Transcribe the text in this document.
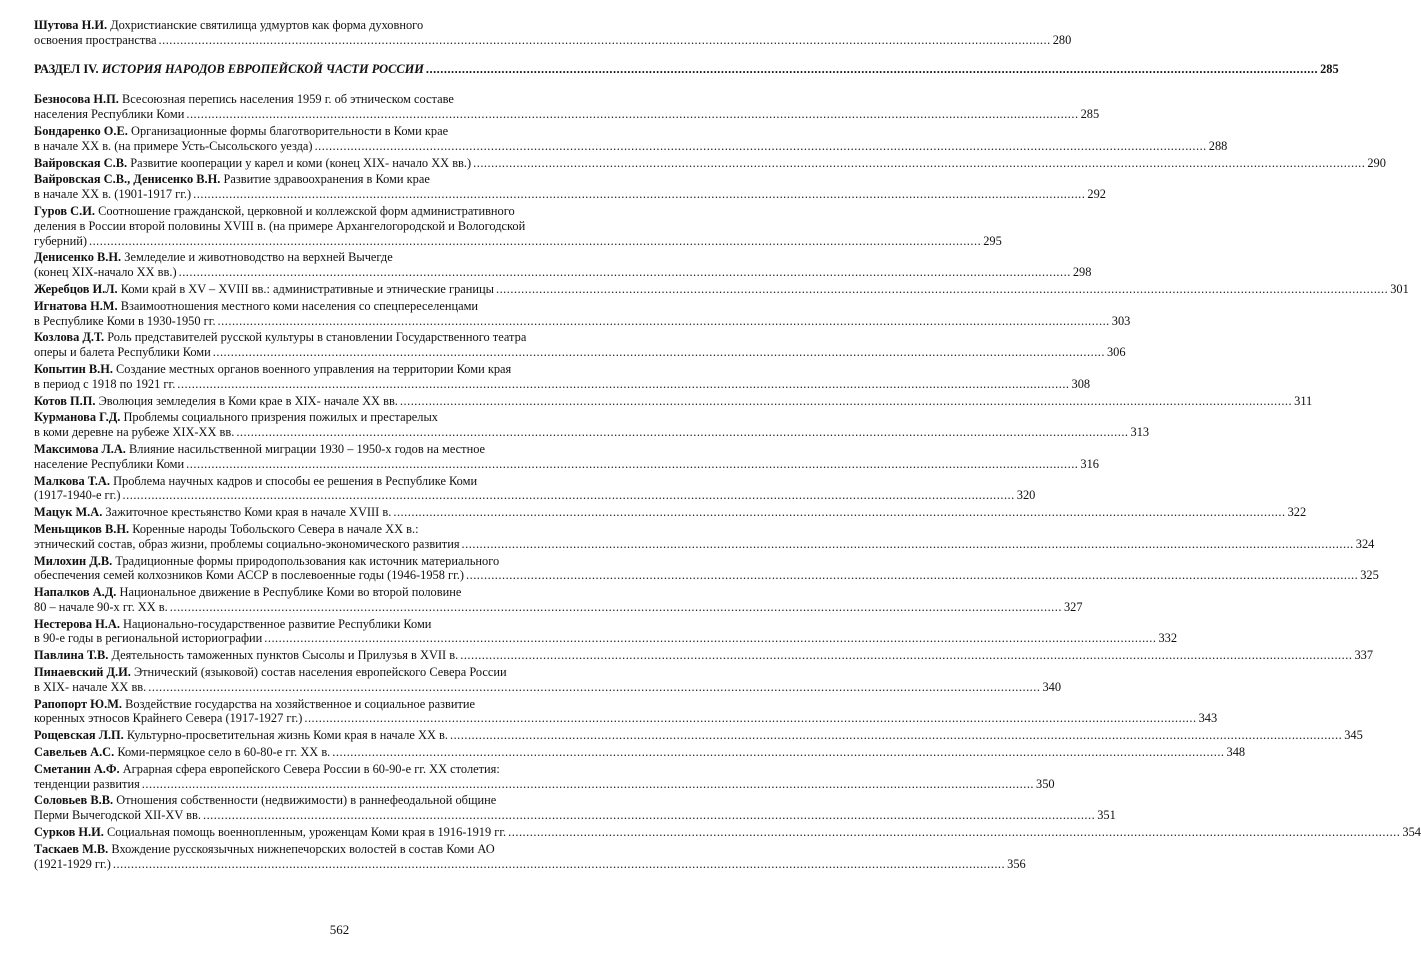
Шутова Н.И. Дохристианские святилища удмуртов как форма духовного
освоения пространства .....	280
РАЗДЕЛ IV. ИСТОРИЯ НАРОДОВ ЕВРОПЕЙСКОЙ ЧАСТИ РОССИИ .....	285
Безносова Н.П. Всесоюзная перепись населения 1959 г. об этническом составе
населения Республики Коми .....	285
Бондаренко О.Е. Организационные формы благотворительности в Коми крае
в начале ХХ в. (на примере Усть-Сысольского уезда) .....	288
Вайровская С.В. Развитие кооперации у карел и коми (конец XIX- начало ХХ вв.) .....	290
Вайровская С.В., Денисенко В.Н. Развитие здравоохранения в Коми крае
в начале ХХ в. (1901-1917 гг.) .....	292
Гуров С.И. Соотношение гражданской, церковной и коллежской форм административного
деления в России второй половины XVIII в. (на примере Архангелогородской и Вологодской
губерний) .....	295
Денисенко В.Н. Земледелие и животноводство на верхней Вычегде
(конец XIX-начало ХХ вв.) .....	298
Жеребцов И.Л. Коми край в XV – XVIII вв.: административные и этнические границы .....	301
Игнатова Н.М. Взаимоотношения местного коми населения со спецпереселенцами
в Республике Коми в 1930-1950 гг. .....	303
Козлова Д.Т. Роль представителей русской культуры в становлении Государственного театра
оперы и балета Республики Коми .....	306
Копытин В.Н. Создание местных органов военного управления на территории Коми края
в период с 1918 по 1921 гг. .....	308
Котов П.П. Эволюция земледелия в Коми крае в XIX- начале ХХ вв. .....	311
Курманова Г.Д. Проблемы социального призрения пожилых и престарелых
в коми деревне на рубеже XIX-XX вв. .....	313
Максимова Л.А. Влияние насильственной миграции 1930 – 1950-х годов на местное
население Республики Коми .....	316
Малкова Т.А. Проблема научных кадров и способы ее решения в Республике Коми
(1917-1940-е гг.) .....	320
Мацук М.А. Зажиточное крестьянство Коми края в начале XVIII в. .....	322
Меньщиков В.Н. Коренные народы Тобольского Севера в начале ХХ в.:
этнический состав, образ жизни, проблемы социально-экономического развития .....	324
Милохин Д.В. Традиционные формы природопользования как источник материального
обеспечения семей колхозников Коми АССР в послевоенные годы (1946-1958 гг.) .....	325
Напалков А.Д. Национальное движение в Республике Коми во второй половине
80 – начале 90-х гг. ХХ в. .....	327
Нестерова Н.А. Национально-государственное развитие Республики Коми
в 90-е годы в региональной историографии .....	332
Павлина Т.В. Деятельность таможенных пунктов Сысолы и Прилузья в XVII в. .....	337
Пинаевский Д.И. Этнический (языковой) состав населения европейского Севера России
в XIX- начале ХХ вв. .....	340
Рапопорт Ю.М. Воздействие государства на хозяйственное и социальное развитие
коренных этносов Крайнего Севера (1917-1927 гг.) .....	343
Рощевская Л.П. Культурно-просветительная жизнь Коми края в начале ХХ в. .....	345
Савельев А.С. Коми-пермяцкое село в 60-80-е гг. ХХ в. .....	348
Сметанин А.Ф. Аграрная сфера европейского Севера России в 60-90-е гг. ХХ столетия:
тенденции развития .....	350
Соловьев В.В. Отношения собственности (недвижимости) в раннефеодальной общине
Перми Вычегодской XII-XV вв. .....	351
Сурков Н.И. Социальная помощь военнопленным, уроженцам Коми края в 1916-1919 гг. .....	354
Таскаев М.В. Вхождение русскоязычных нижнепечорских волостей в состав Коми АО
(1921-1929 гг.) .....	356
562
